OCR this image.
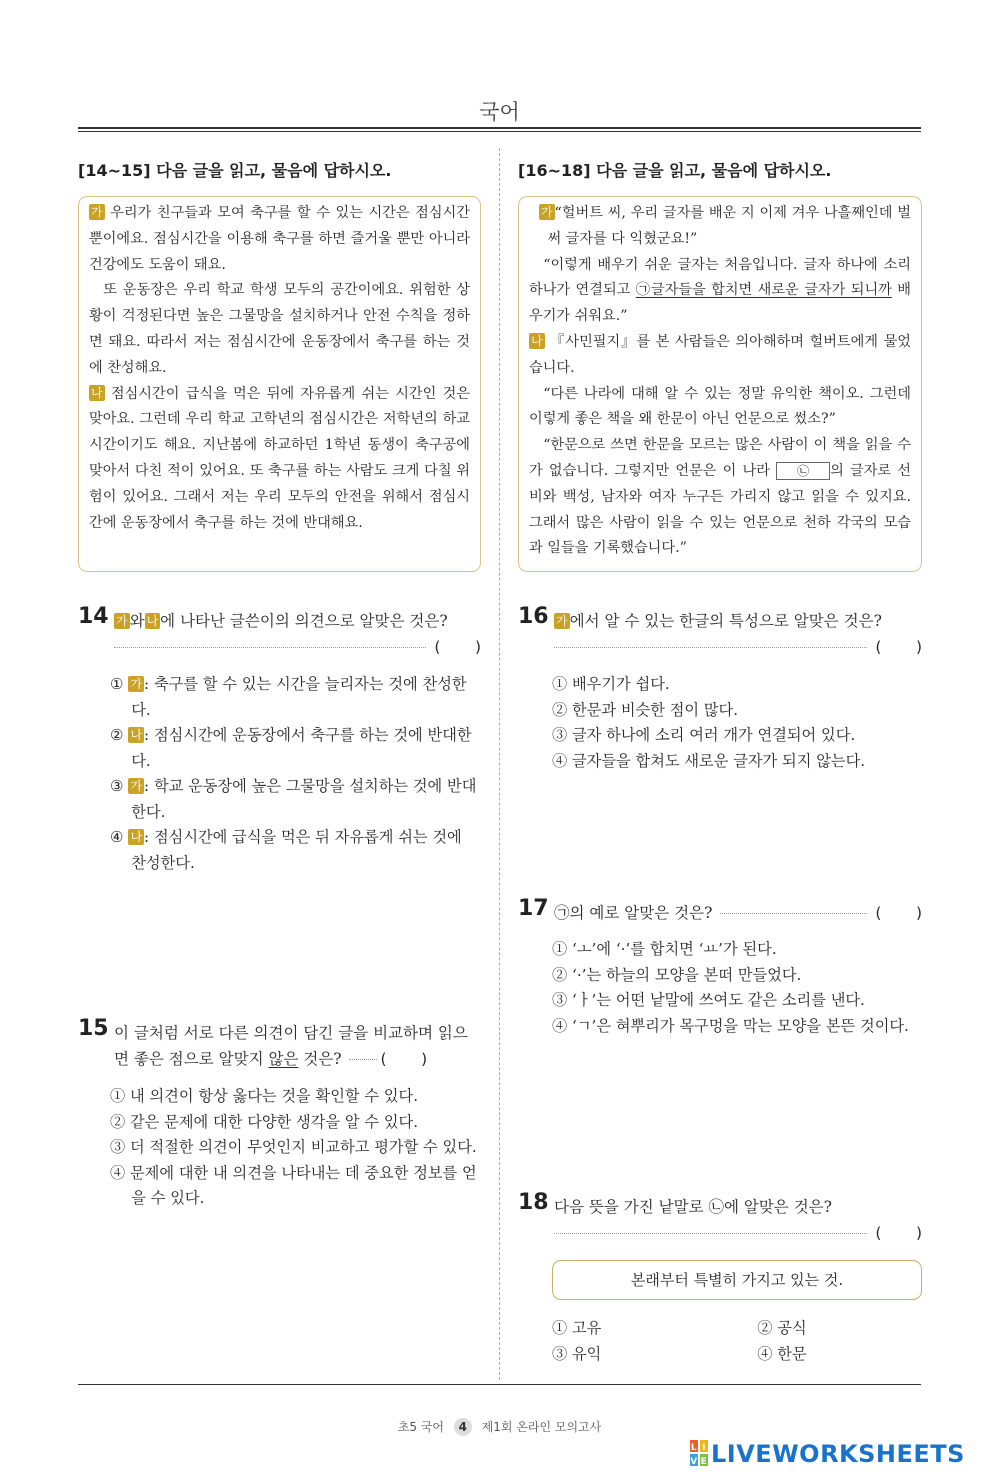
국어
[14~15] 다음 글을 읽고, 물음에 답하시오.

가 우리가 친구들과 모여 축구를 할 수 있는 시간은 점심시간뿐이에요. 점심시간을 이용해 축구를 하면 즐거울 뿐만 아니라 건강에도 도움이 돼요.

또 운동장은 우리 학교 학생 모두의 공간이에요. 위험한 상황이 걱정된다면 높은 그물망을 설치하거나 안전 수칙을 정하면 돼요. 따라서 저는 점심시간에 운동장에서 축구를 하는 것에 찬성해요.

나 점심시간이 급식을 먹은 뒤에 자유롭게 쉬는 시간인 것은 맞아요. 그런데 우리 학교 고학년의 점심시간은 저학년의 하교 시간이기도 해요. 지난봄에 하교하던 1학년 동생이 축구공에 맞아서 다친 적이 있어요. 또 축구를 하는 사람도 크게 다칠 위험이 있어요. 그래서 저는 우리 모두의 안전을 위해서 점심시간에 운동장에서 축구를 하는 것에 반대해요.

14 가 와 나 에 나타난 글쓴이의 의견으로 알맞은 것은?
(       )

① 가 : 축구를 할 수 있는 시간을 늘리자는 것에 찬성한다.

② 나 : 점심시간에 운동장에서 축구를 하는 것에 반대한다.

③ 가 : 학교 운동장에 높은 그물망을 설치하는 것에 반대한다.

④ 나 : 점심시간에 급식을 먹은 뒤 자유롭게 쉬는 것에 찬성한다.

15 이 글처럼 서로 다른 의견이 담긴 글을 비교하며 읽으면 좋은 점으로 알맞지 않은 것은?	(       )

① 내 의견이 항상 옳다는 것을 확인할 수 있다.

② 같은 문제에 대한 다양한 생각을 알 수 있다.

③ 더 적절한 의견이 무엇인지 비교하고 평가할 수 있다.

④ 문제에 대한 내 의견을 나타내는 데 중요한 정보를 얻을 수 있다.

[16~18] 다음 글을 읽고, 물음에 답하시오.

가 “헐버트 씨, 우리 글자를 배운 지 이제 겨우 나흘째인데 벌써 글자를 다 익혔군요!”

“이렇게 배우기 쉬운 글자는 처음입니다. 글자 하나에 소리 하나가 연결되고 ㉠글자들을 합치면 새로운 글자가 되니까 배우기가 쉬워요.”

나 『사민필지』를 본 사람들은 의아해하며 헐버트에게 물었습니다.

“다른 나라에 대해 알 수 있는 정말 유익한 책이오. 그런데 이렇게 좋은 책을 왜 한문이 아닌 언문으로 썼소?”

“한문으로 쓰면 한문을 모르는 많은 사람이 이 책을 읽을 수가 없습니다. 그렇지만 언문은 이 나라 ㉡ 의 글자로 선비와 백성, 남자와 여자 누구든 가리지 않고 읽을 수 있지요. 그래서 많은 사람이 읽을 수 있는 언문으로 천하 각국의 모습과 일들을 기록했습니다.”

16 가 에서 알 수 있는 한글의 특성으로 알맞은 것은?
(       )

① 배우기가 쉽다.

② 한문과 비슷한 점이 많다.

③ 글자 하나에 소리 여러 개가 연결되어 있다.

④ 글자들을 합쳐도 새로운 글자가 되지 않는다.

17 ㉠의 예로 알맞은 것은?	(       )

① ‘ㅗ’에 ‘·’를 합치면 ‘ㅛ’가 된다.

② ‘·’는 하늘의 모양을 본떠 만들었다.

③ ‘ㅏ’는 어떤 낱말에 쓰여도 같은 소리를 낸다.

④ ‘ㄱ’은 혀뿌리가 목구멍을 막는 모양을 본뜬 것이다.

18 다음 뜻을 가진 낱말로 ㉡에 알맞은 것은?
(       )
본래부터 특별히 가지고 있는 것.

① 고유	② 공식

③ 유익	④ 한문

초5 국어 4 제1회 온라인 모의고사
L I
V E LIVEWORKSHEETS
